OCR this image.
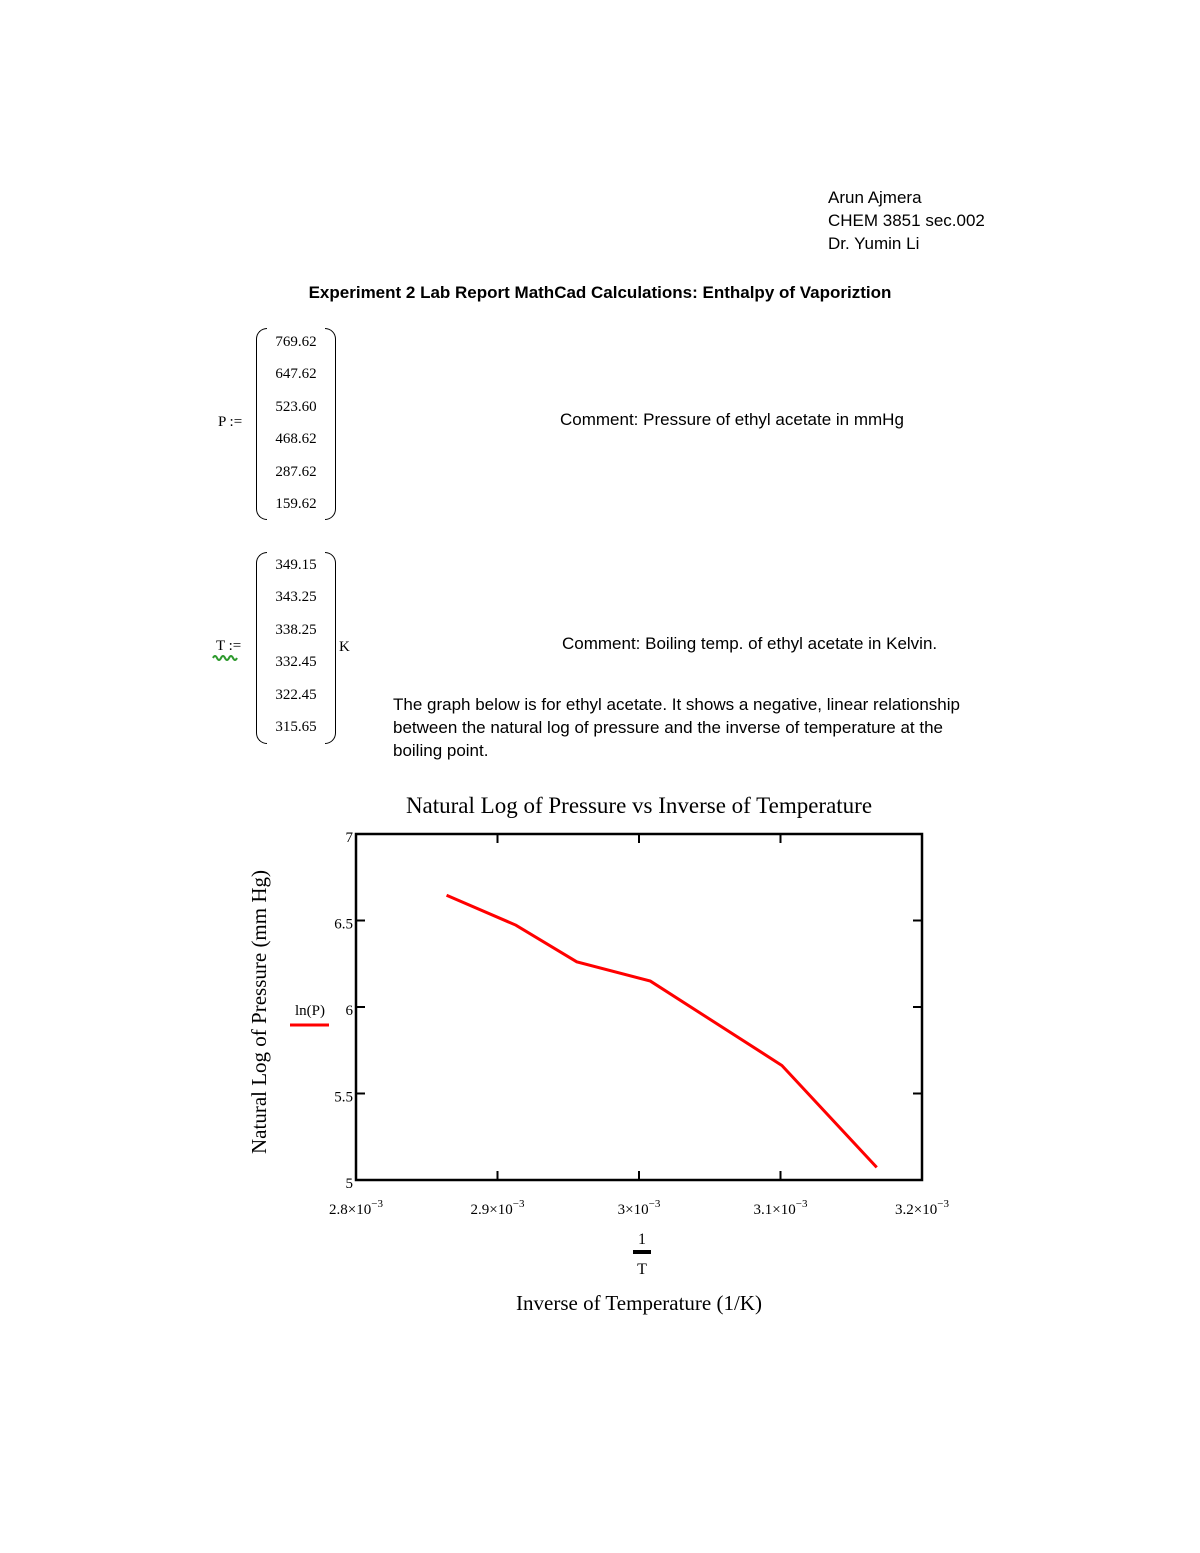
Arun Ajmera
CHEM 3851 sec.002
Dr. Yumin Li
Experiment 2 Lab Report MathCad Calculations: Enthalpy of Vaporiztion
P :=
769.62
647.62
523.60
468.62
287.62
159.62
Comment: Pressure of ethyl acetate in mmHg
T :=
349.15
343.25
338.25
332.45
322.45
315.65
K	Comment: Boiling temp. of ethyl acetate in Kelvin.
The graph below is for ethyl acetate. It shows a negative, linear relationship between the natural log of pressure and the inverse of temperature at the boiling point.
Natural Log of Pressure vs Inverse of Temperature
$2.8\times 10^{-3}$	$2.9\times 10^{-3}$	$3\times 10^{-3}$	$3.1\times 10^{-3}$	$3.2\times 10^{-3}$
5
5.5
6
6.5
7
Natural Log of Pressure (mm Hg) ln(P)
1
T
Inverse of Temperature (1/K)
